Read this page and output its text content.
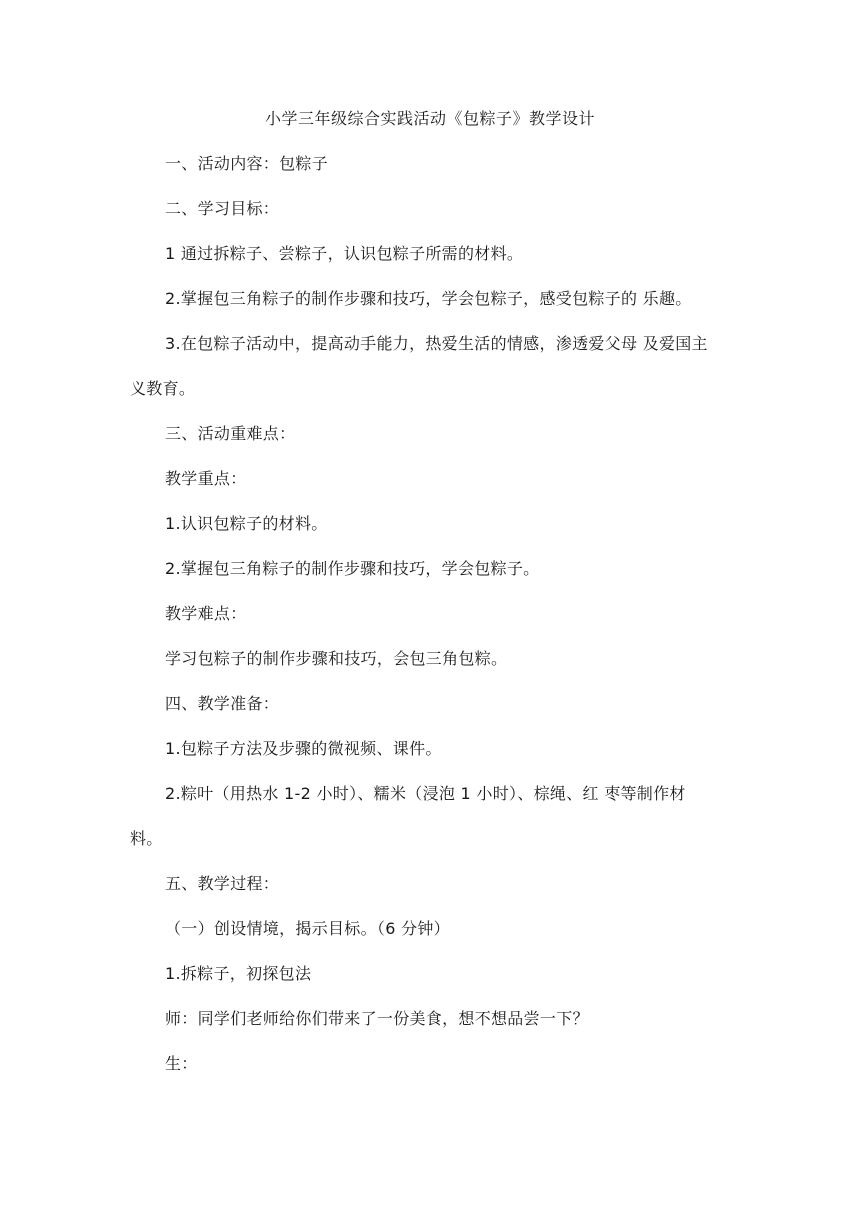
小学三年级综合实践活动《包粽子》教学设计
一、活动内容：包粽子
二、学习目标：
1 通过拆粽子、尝粽子，认识包粽子所需的材料。
2.掌握包三角粽子的制作步骤和技巧，学会包粽子，感受包粽子的 乐趣。
3.在包粽子活动中，提高动手能力，热爱生活的情感，渗透爱父母 及爱国主
义教育。
三、活动重难点：
教学重点：
1.认识包粽子的材料。
2.掌握包三角粽子的制作步骤和技巧，学会包粽子。
教学难点：
学习包粽子的制作步骤和技巧，会包三角包粽。
四、教学准备：
1.包粽子方法及步骤的微视频、课件。
2.粽叶（用热水 1-2 小时）、糯米（浸泡 1 小时）、棕绳、红 枣等制作材
料。
五、教学过程：
（一）创设情境，揭示目标。（6 分钟）
1.拆粽子，初探包法
师：同学们老师给你们带来了一份美食，想不想品尝一下？
生：
